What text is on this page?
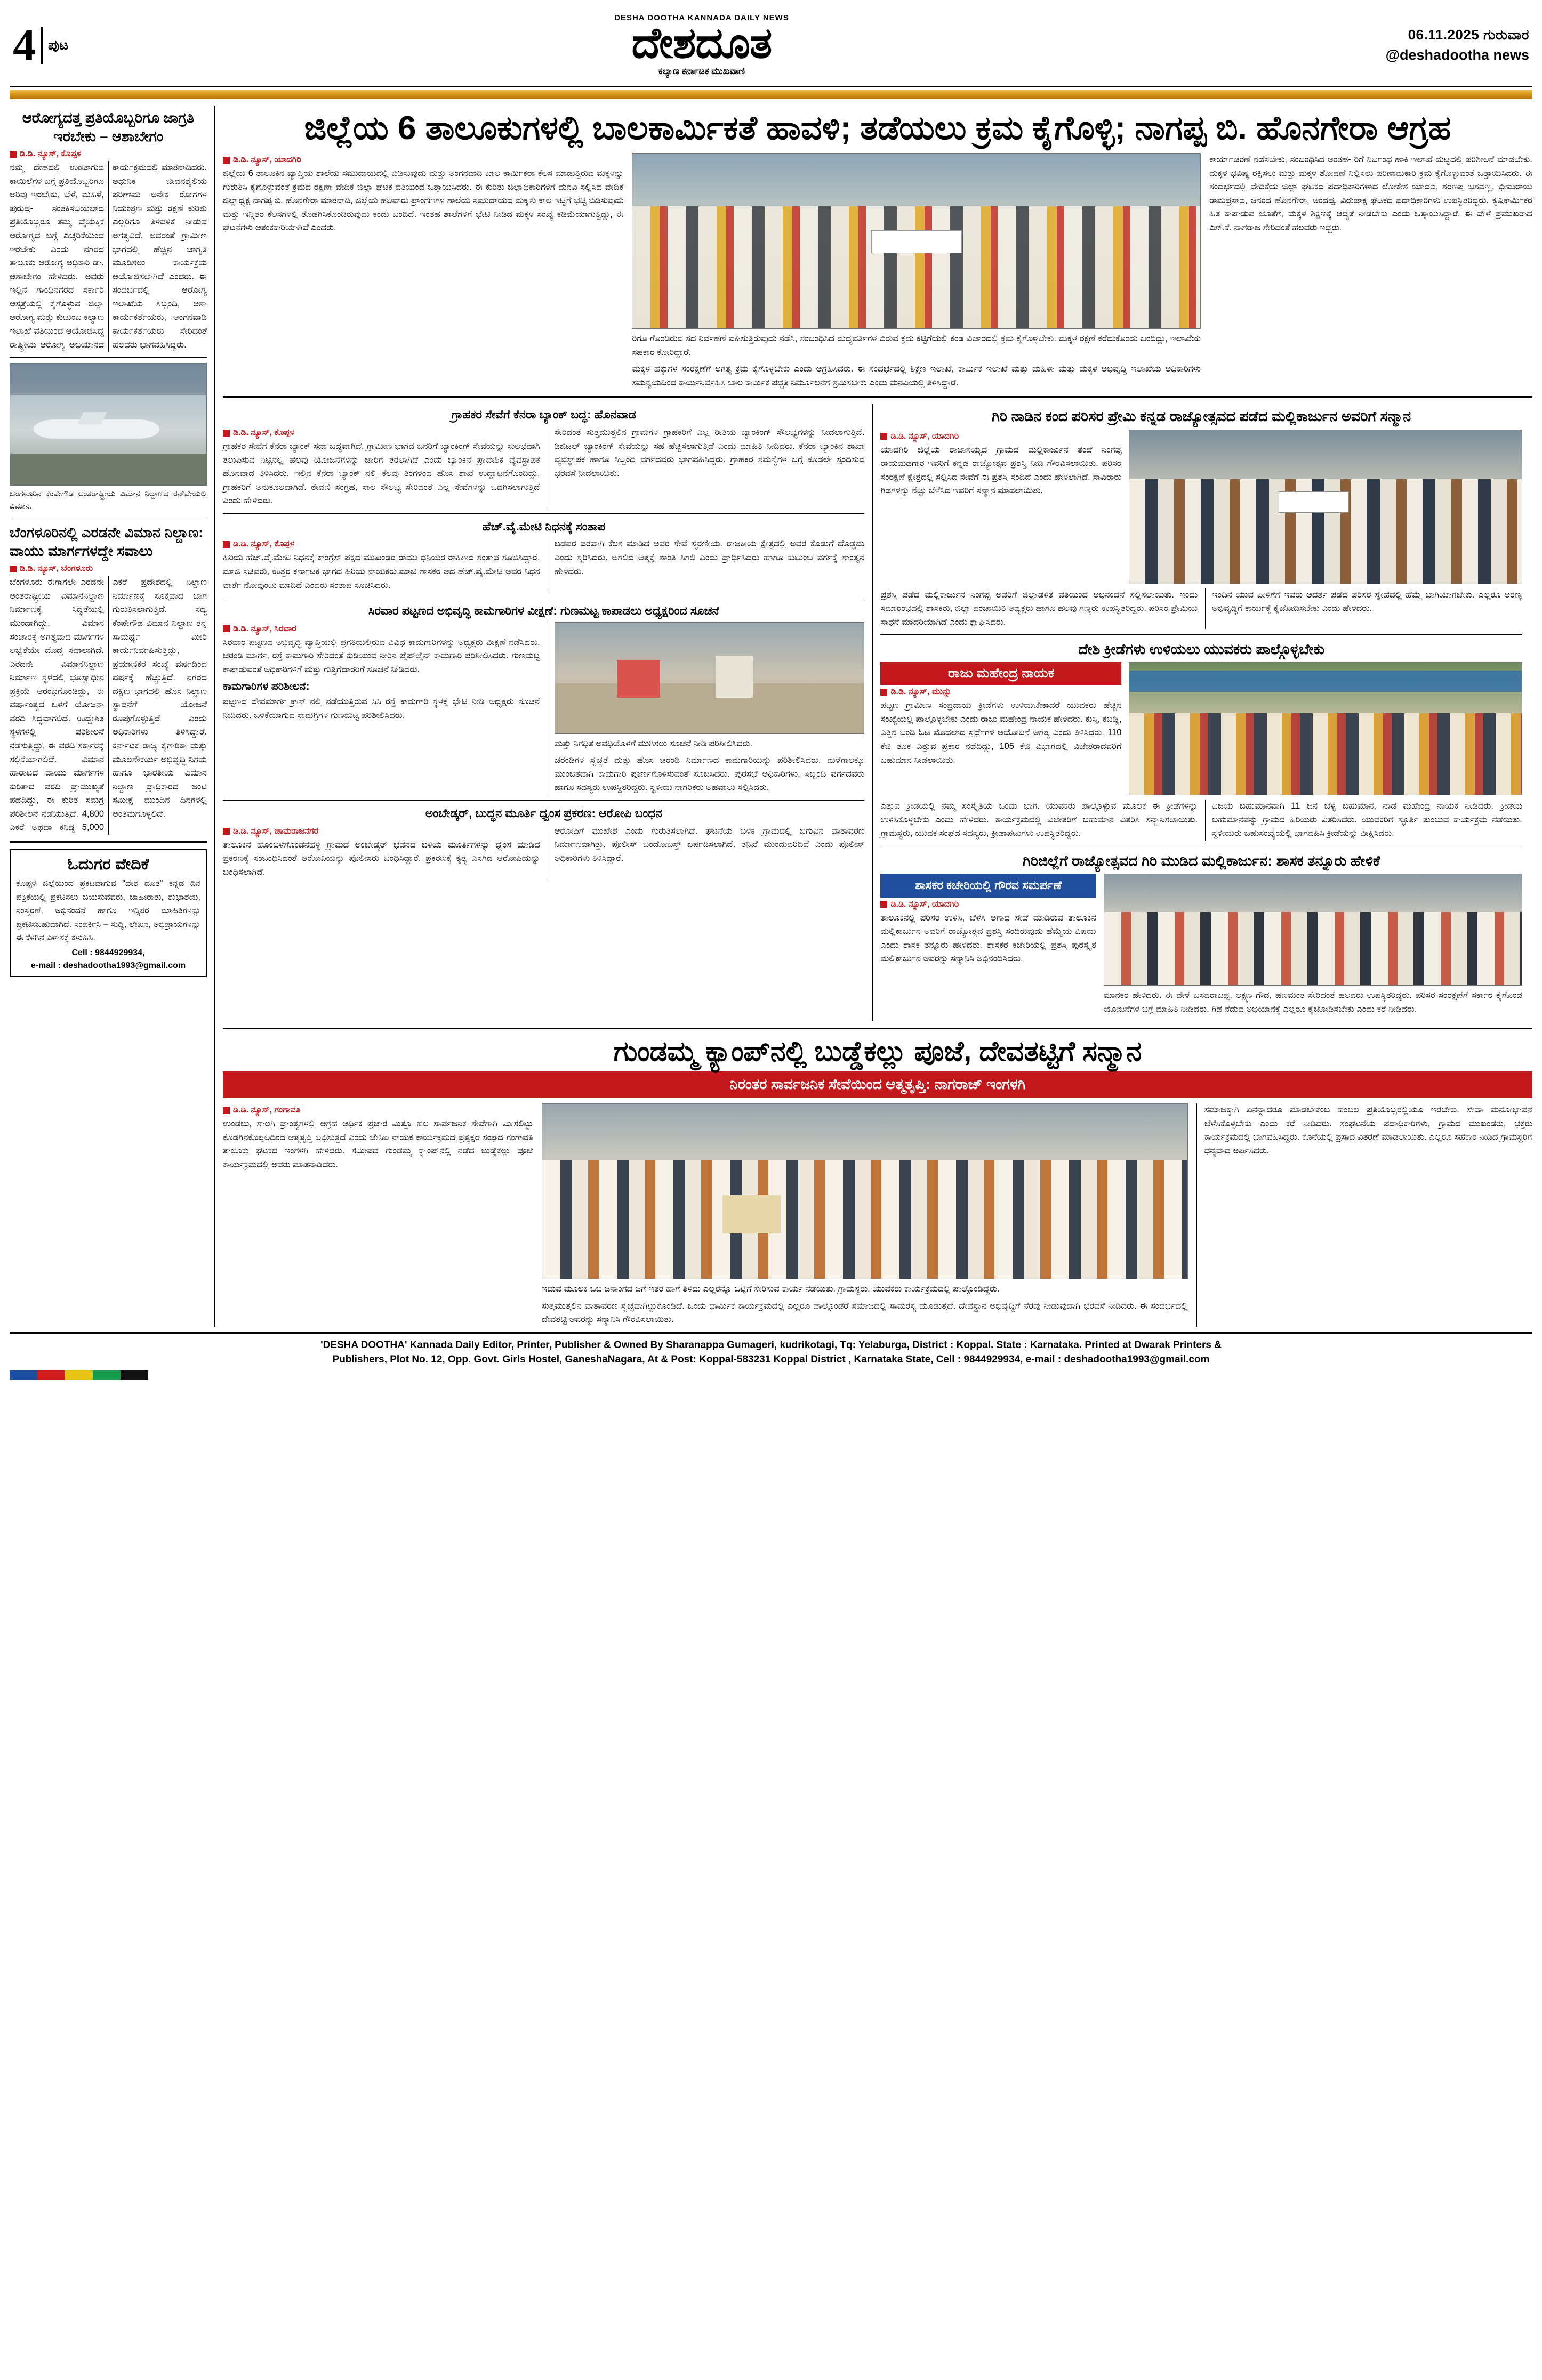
4 ಪುಟ
DESHA DOOTHA KANNADA DAILY NEWS
ದೇಶದೂತ
ಕಲ್ಯಾಣ ಕರ್ನಾಟಕ ಮುಖವಾಣಿ
06.11.2025 ಗುರುವಾರ
@deshadootha news
ಆರೋಗ್ಯದತ್ತ ಪ್ರತಿಯೊಬ್ಬರಿಗೂ ಜಾಗ್ರತಿ ಇರಬೇಕು – ಆಶಾಬೇಗಂ
ಡಿ.ಡಿ. ನ್ಯೂಸ್, ಕೊಪ್ಪಳ
ನಮ್ಮ ದೇಹದಲ್ಲಿ ಉಂಟಾಗುವ ಕಾಯಿಲೆಗಳ ಬಗ್ಗೆ ಪ್ರತಿಯೊಬ್ಬರಿಗೂ ಅರಿವು ಇರಬೇಕು, ಬೆಳೆ, ಮಹಿಳೆ, ಪುರುಷ- ಸಂತಕಿಸಬಯಲಾದ ಪ್ರತಿಯೊಬ್ಬರೂ ತಮ್ಮ ವೈಯಕ್ತಿಕ ಆರೋಗ್ಯದ ಬಗ್ಗೆ ಎಚ್ಚರಿಕೆಯಿಂದ ಇರಬೇಕು ಎಂದು ನಗರದ ತಾಲೂಕು ಆರೋಗ್ಯ ಅಧಿಕಾರಿ ಡಾ. ಆಶಾಬೇಗಂ ಹೇಳಿದರು. ಅವರು ಇಲ್ಲಿನ ಗಾಂಧಿನಗರದ ಸರ್ಕಾರಿ ಆಸ್ಪತ್ರೆಯಲ್ಲಿ ಕೈಗೊಳ್ಳುವ ಜಿಲ್ಲಾ ಆರೋಗ್ಯ ಮತ್ತು ಕುಟುಂಬ ಕಲ್ಯಾಣ ಇಲಾಖೆ ವತಿಯಿಂದ ಆಯೋಜಿಸಿದ್ದ ರಾಷ್ಟ್ರೀಯ ಆರೋಗ್ಯ ಅಭಿಯಾನದ ಕಾರ್ಯಕ್ರಮದಲ್ಲಿ ಮಾತನಾಡಿದರು. ಆಧುನಿಕ ಜೀವನಶೈಲಿಯ ಪರಿಣಾಮ ಅನೇಕ ರೋಗಗಳ ನಿಯಂತ್ರಣ ಮತ್ತು ರಕ್ಷಣೆ ಕುರಿತು ಎಲ್ಲರಿಗೂ ತಿಳಿವಳಿಕೆ ನೀಡುವ ಅಗತ್ಯವಿದೆ. ಅದರಂತೆ ಗ್ರಾಮೀಣ ಭಾಗದಲ್ಲಿ ಹೆಚ್ಚಿನ ಜಾಗೃತಿ ಮೂಡಿಸಲು ಕಾರ್ಯಕ್ರಮ ಆಯೋಜಿಸಲಾಗಿದೆ ಎಂದರು. ಈ ಸಂದರ್ಭದಲ್ಲಿ ಆರೋಗ್ಯ ಇಲಾಖೆಯ ಸಿಬ್ಬಂದಿ, ಆಶಾ ಕಾರ್ಯಕರ್ತೆಯರು, ಅಂಗನವಾಡಿ ಕಾರ್ಯಕರ್ತೆಯರು ಸೇರಿದಂತೆ ಹಲವರು ಭಾಗವಹಿಸಿದ್ದರು.
ಬೆಂಗಳೂರಿನ ಕೆಂಪೇಗೌಡ ಅಂತರಾಷ್ಟ್ರೀಯ ವಿಮಾನ ನಿಲ್ದಾಣದ ರನ್‌ವೇಯಲ್ಲಿ ವಿಮಾನ.
ಬೆಂಗಳೂರಿನಲ್ಲಿ ಎರಡನೇ ವಿಮಾನ ನಿಲ್ದಾಣ: ವಾಯು ಮಾರ್ಗಗಳದ್ದೇ ಸವಾಲು
ಡಿ.ಡಿ. ನ್ಯೂಸ್, ಬೆಂಗಳೂರು
ಬೆಂಗಳೂರು ಈಗಾಗಲೇ ಎರಡನೇ ಅಂತರಾಷ್ಟ್ರೀಯ ವಿಮಾನನಿಲ್ದಾಣ ನಿರ್ಮಾಣಕ್ಕೆ ಸಿದ್ಧತೆಯಲ್ಲಿ ಮುಂದಾಗಿದ್ದು, ವಿಮಾನ ಸಂಚಾರಕ್ಕೆ ಅಗತ್ಯವಾದ ಮಾರ್ಗಗಳ ಲಭ್ಯತೆಯೇ ದೊಡ್ಡ ಸವಾಲಾಗಿದೆ. ಎರಡನೇ ವಿಮಾನನಿಲ್ದಾಣ ನಿರ್ಮಾಣ ಸ್ಥಳದಲ್ಲಿ ಭೂಸ್ವಾಧೀನ ಪ್ರಕ್ರಿಯೆ ಆರಂಭಗೊಂಡಿದ್ದು, ಈ ವರ್ಷಾಂತ್ಯದ ಒಳಗೆ ಯೋಜನಾ ವರದಿ ಸಿದ್ಧವಾಗಲಿದೆ. ಉದ್ದೇಶಿತ ಸ್ಥಳಗಳಲ್ಲಿ ಪರಿಶೀಲನೆ ನಡೆಸುತ್ತಿದ್ದು, ಈ ವರದಿ ಸರ್ಕಾರಕ್ಕೆ ಸಲ್ಲಿಕೆಯಾಗಲಿದೆ. ವಿಮಾನ ಹಾರಾಟದ ವಾಯು ಮಾರ್ಗಗಳ ಕುರಿತಾದ ವರದಿ ಪ್ರಾಮುಖ್ಯತೆ ಪಡೆದಿದ್ದು, ಈ ಕುರಿತ ಸಮಗ್ರ ಪರಿಶೀಲನೆ ನಡೆಯುತ್ತಿದೆ. 4,800 ಎಕರೆ ಅಥವಾ ಕನಿಷ್ಠ 5,000 ಎಕರೆ ಪ್ರದೇಶದಲ್ಲಿ ನಿಲ್ದಾಣ ನಿರ್ಮಾಣಕ್ಕೆ ಸೂಕ್ತವಾದ ಜಾಗ ಗುರುತಿಸಲಾಗುತ್ತಿದೆ. ಸದ್ಯ ಕೆಂಪೇಗೌಡ ವಿಮಾನ ನಿಲ್ದಾಣ ತನ್ನ ಸಾಮರ್ಥ್ಯ ಮೀರಿ ಕಾರ್ಯನಿರ್ವಹಿಸುತ್ತಿದ್ದು, ಪ್ರಯಾಣಿಕರ ಸಂಖ್ಯೆ ವರ್ಷದಿಂದ ವರ್ಷಕ್ಕೆ ಹೆಚ್ಚುತ್ತಿದೆ. ನಗರದ ದಕ್ಷಿಣ ಭಾಗದಲ್ಲಿ ಹೊಸ ನಿಲ್ದಾಣ ಸ್ಥಾಪನೆಗೆ ಯೋಜನೆ ರೂಪುಗೊಳ್ಳುತ್ತಿದೆ ಎಂದು ಅಧಿಕಾರಿಗಳು ತಿಳಿಸಿದ್ದಾರೆ. ಕರ್ನಾಟಕ ರಾಜ್ಯ ಕೈಗಾರಿಕಾ ಮತ್ತು ಮೂಲಸೌಕರ್ಯ ಅಭಿವೃದ್ಧಿ ನಿಗಮ ಹಾಗೂ ಭಾರತೀಯ ವಿಮಾನ ನಿಲ್ದಾಣ ಪ್ರಾಧಿಕಾರದ ಜಂಟಿ ಸಮೀಕ್ಷೆ ಮುಂದಿನ ದಿನಗಳಲ್ಲಿ ಅಂತಿಮಗೊಳ್ಳಲಿದೆ.
ಓದುಗರ ವೇದಿಕೆ
ಕೊಪ್ಪಳ ಜಿಲ್ಲೆಯಿಂದ ಪ್ರಕಟವಾಗುವ "ದೇಶ ದೂತ" ಕನ್ನಡ ದಿನ ಪತ್ರಿಕೆಯಲ್ಲಿ ಪ್ರಕಟಿಸಲು ಬಯಸುವವರು, ಜಾಹೀರಾತು, ಶುಭಾಶಯ, ಸಂಸ್ಮರಣೆ, ಅಭಿನಂದನೆ ಹಾಗೂ ಇನ್ನಿತರ ಮಾಹಿತಿಗಳನ್ನು ಪ್ರಕಟಿಸಬಹುದಾಗಿದೆ. ಸಂಪರ್ಕಿಸಿ – ಸುದ್ದಿ, ಲೇಖನ, ಅಭಿಪ್ರಾಯಗಳನ್ನು ಈ ಕೆಳಗಿನ ವಿಳಾಸಕ್ಕೆ ಕಳುಹಿಸಿ.
Cell : 9844929934,
e-mail : deshadootha1993@gmail.com
ಜಿಲ್ಲೆಯ 6 ತಾಲೂಕುಗಳಲ್ಲಿ ಬಾಲಕಾರ್ಮಿಕತೆ ಹಾವಳಿ; ತಡೆಯಲು ಕ್ರಮ ಕೈಗೊಳ್ಳಿ; ನಾಗಪ್ಪ ಬಿ. ಹೊನಗೇರಾ ಆಗ್ರಹ
ಡಿ.ಡಿ. ನ್ಯೂಸ್, ಯಾದಗಿರಿ
ಜಿಲ್ಲೆಯ 6 ತಾಲೂಕಿನ ವ್ಯಾಪ್ತಿಯ ಶಾಲೆಯ ಸಮುದಾಯದಲ್ಲಿ ಬಿಡಿಸುವುದು ಮತ್ತು ಅಂಗನವಾಡಿ ಬಾಲ ಕಾರ್ಮಿಕರಾ ಕೆಲಸ ಮಾಡುತ್ತಿರುವ ಮಕ್ಕಳನ್ನು ಗುರುತಿಸಿ ಕೈಗೊಳ್ಳುವಂತೆ ಕ್ರಮದ ರಕ್ಷಣಾ ವೇದಿಕೆ ಜಿಲ್ಲಾ ಘಟಕ ವತಿಯಿಂದ ಒತ್ತಾಯಿಸಿದರು. ಈ ಕುರಿತು ಜಿಲ್ಲಾಧಿಕಾರಿಗಳಿಗೆ ಮನವಿ ಸಲ್ಲಿಸಿದ ವೇದಿಕೆ ಜಿಲ್ಲಾಧ್ಯಕ್ಷ ನಾಗಪ್ಪ ಬಿ. ಹೊನಗೇರಾ ಮಾತನಾಡಿ, ಜಿಲ್ಲೆಯ ಹಲವಾರು ಪ್ರಾಂಗಣಗಳ ಶಾಲೆಯ ಸಮುದಾಯದ ಮಕ್ಕಳು ಕಾಲ ಇಟ್ಟಿಗೆ ಭಟ್ಟಿ ಬಿಡಿಸುವುದು ಮತ್ತು ಇನ್ನಿತರ ಕೆಲಸಗಳಲ್ಲಿ ತೊಡಗಿಸಿಕೊಂಡಿರುವುದು ಕಂಡು ಬಂದಿದೆ. ಇಂತಹ ಶಾಲೆಗಳಿಗೆ ಭೇಟಿ ನೀಡಿದ ಮಕ್ಕಳ ಸಂಖ್ಯೆ ಕಡಿಮೆಯಾಗುತ್ತಿದ್ದು, ಈ ಘಟನೆಗಳು ಆತಂಕಕಾರಿಯಾಗಿವೆ ಎಂದರು.
ರಿಗೂ ಗೊಂಡಿರುವ ಸದ ನಿರ್ವಹಣೆ ವಹಿಸುತ್ತಿರುವುದು ನಡೆಸಿ, ಸಂಬಂಧಿಸಿದ ಮದ್ಯವರ್ತಿಗಳ ಬಿರುವ ಕ್ರಮ ಕಟ್ಟಿಗೆಯಲ್ಲಿ ಕಂಡ ವಿಚಾರದಲ್ಲಿ ಕ್ರಮ ಕೈಗೊಳ್ಳಬೇಕು. ಮಕ್ಕಳ ರಕ್ಷಣೆ ಕರೆದುಕೊಂಡು ಬಂದಿದ್ದು, ಇಲಾಖೆಯ ಸಹಕಾರ ಕೋರಿದ್ದಾರೆ.
ಮಕ್ಕಳ ಹಕ್ಕುಗಳ ಸಂರಕ್ಷಣೆಗೆ ಅಗತ್ಯ ಕ್ರಮ ಕೈಗೊಳ್ಳಬೇಕು ಎಂದು ಆಗ್ರಹಿಸಿದರು. ಈ ಸಂದರ್ಭದಲ್ಲಿ ಶಿಕ್ಷಣ ಇಲಾಖೆ, ಕಾರ್ಮಿಕ ಇಲಾಖೆ ಮತ್ತು ಮಹಿಳಾ ಮತ್ತು ಮಕ್ಕಳ ಅಭಿವೃದ್ಧಿ ಇಲಾಖೆಯ ಅಧಿಕಾರಿಗಳು ಸಮನ್ವಯದಿಂದ ಕಾರ್ಯನಿರ್ವಹಿಸಿ ಬಾಲ ಕಾರ್ಮಿಕ ಪದ್ಧತಿ ನಿರ್ಮೂಲನೆಗೆ ಶ್ರಮಿಸಬೇಕು ಎಂದು ಮನವಿಯಲ್ಲಿ ತಿಳಿಸಿದ್ದಾರೆ.
ಕಾರ್ಯಾಚರಣೆ ನಡೆಸಬೇಕು, ಸಂಬಂಧಿಸಿದ ಅಂತಹ- ರಿಗೆ ನಿರ್ಬಂಧ ಹಾಕಿ ಇಲಾಖೆ ಮಟ್ಟದಲ್ಲಿ ಪರಿಶೀಲನೆ ಮಾಡಬೇಕು. ಮಕ್ಕಳ ಭವಿಷ್ಯ ರಕ್ಷಿಸಲು ಮತ್ತು ಮಕ್ಕಳ ಶೋಷಣೆ ನಿಲ್ಲಿಸಲು ಪರಿಣಾಮಕಾರಿ ಕ್ರಮ ಕೈಗೊಳ್ಳುವಂತೆ ಒತ್ತಾಯಿಸಿದರು. ಈ ಸಂದರ್ಭದಲ್ಲಿ ವೇದಿಕೆಯ ಜಿಲ್ಲಾ ಘಟಕದ ಪದಾಧಿಕಾರಿಗಳಾದ ಲೋಕೇಶ ಯಾದವ, ಶರಣಪ್ಪ ಬಸವಣ್ಣ, ಭೀಮರಾಯ ರಾಮಪ್ರಸಾದ, ಆನಂದ ಹೊನಗೇರಾ, ಅಂದಪ್ಪ, ವಿರುಪಾಕ್ಷ ಘಟಕದ ಪದಾಧಿಕಾರಿಗಳು ಉಪಸ್ಥಿತರಿದ್ದರು. ಕೃಷಿಕಾರ್ಮಿಕರ ಹಿತ ಕಾಪಾಡುವ ಜೊತೆಗೆ, ಮಕ್ಕಳ ಶಿಕ್ಷಣಕ್ಕೆ ಆದ್ಯತೆ ನೀಡಬೇಕು ಎಂದು ಒತ್ತಾಯಿಸಿದ್ದಾರೆ. ಈ ವೇಳೆ ಪ್ರಮುಖರಾದ ಎಸ್.ಕೆ. ನಾಗರಾಜ ಸೇರಿದಂತೆ ಹಲವರು ಇದ್ದರು.
ಗ್ರಾಹಕರ ಸೇವೆಗೆ ಕೆನರಾ ಬ್ಯಾಂಕ್ ಬದ್ಧ: ಹೊನವಾಡ
ಡಿ.ಡಿ. ನ್ಯೂಸ್, ಕೊಪ್ಪಳ
ಗ್ರಾಹಕರ ಸೇವೆಗೆ ಕೆನರಾ ಬ್ಯಾಂಕ್ ಸದಾ ಬದ್ಧವಾಗಿದೆ. ಗ್ರಾಮೀಣ ಭಾಗದ ಜನರಿಗೆ ಬ್ಯಾಂಕಿಂಗ್ ಸೇವೆಯನ್ನು ಸುಲಭವಾಗಿ ತಲುಪಿಸುವ ನಿಟ್ಟಿನಲ್ಲಿ ಹಲವು ಯೋಜನೆಗಳನ್ನು ಜಾರಿಗೆ ತರಲಾಗಿದೆ ಎಂದು ಬ್ಯಾಂಕಿನ ಪ್ರಾದೇಶಿಕ ವ್ಯವಸ್ಥಾಪಕ ಹೊನವಾಡ ತಿಳಿಸಿದರು. ಇಲ್ಲಿನ ಕೆನರಾ ಬ್ಯಾಂಕ್ ನಲ್ಲಿ ಕೆಲವು ತಿಂಗಳಿಂದ ಹೊಸ ಶಾಖೆ ಉದ್ಘಾಟನೆಗೊಂಡಿದ್ದು, ಗ್ರಾಹಕರಿಗೆ ಅನುಕೂಲವಾಗಿದೆ. ಠೇವಣಿ ಸಂಗ್ರಹ, ಸಾಲ ಸೌಲಭ್ಯ ಸೇರಿದಂತೆ ಎಲ್ಲ ಸೇವೆಗಳನ್ನು ಒದಗಿಸಲಾಗುತ್ತಿದೆ ಎಂದು ಹೇಳಿದರು.
ಸೇರಿದಂತೆ ಸುತ್ತಮುತ್ತಲಿನ ಗ್ರಾಮಗಳ ಗ್ರಾಹಕರಿಗೆ ಎಲ್ಲ ರೀತಿಯ ಬ್ಯಾಂಕಿಂಗ್ ಸೌಲಭ್ಯಗಳನ್ನು ನೀಡಲಾಗುತ್ತಿದೆ. ಡಿಜಿಟಲ್ ಬ್ಯಾಂಕಿಂಗ್ ಸೇವೆಯನ್ನು ಸಹ ಹೆಚ್ಚಿಸಲಾಗುತ್ತಿದೆ ಎಂದು ಮಾಹಿತಿ ನೀಡಿದರು. ಕೆನರಾ ಬ್ಯಾಂಕಿನ ಶಾಖಾ ವ್ಯವಸ್ಥಾಪಕ ಹಾಗೂ ಸಿಬ್ಬಂದಿ ವರ್ಗದವರು ಭಾಗವಹಿಸಿದ್ದರು. ಗ್ರಾಹಕರ ಸಮಸ್ಯೆಗಳ ಬಗ್ಗೆ ಕೂಡಲೇ ಸ್ಪಂದಿಸುವ ಭರವಸೆ ನೀಡಲಾಯಿತು.
ಹೆಚ್.ವೈ.ಮೇಟಿ ನಿಧನಕ್ಕೆ ಸಂತಾಪ
ಡಿ.ಡಿ. ನ್ಯೂಸ್, ಕೊಪ್ಪಳ
ಹಿರಿಯ ಹೆಚ್.ವೈ.ಮೇಟಿ ನಿಧನಕ್ಕೆ ಕಾಂಗ್ರೆಸ್ ಪಕ್ಷದ ಮುಖಂಡರ ರಾಮು ಧನಿಯರ ರಾಹಿಣದ ಸಂತಾಪ ಸೂಚಿಸಿದ್ದಾರೆ. ಮಾಜಿ ಸಚಿವರು, ಉತ್ತರ ಕರ್ನಾಟಕ ಭಾಗದ ಹಿರಿಯ ನಾಯಕರು,ಮಾಜಿ ಶಾಸಕರ ಆದ ಹೆಚ್.ವೈ.ಮೇಟಿ ಅವರ ನಿಧನ ವಾರ್ತೆ ನೋವುಂಟು ಮಾಡಿದೆ ಎಂದರು ಸಂತಾಪ ಸೂಚಿಸಿದರು.
ಬಡವರ ಪರವಾಗಿ ಕೆಲಸ ಮಾಡಿದ ಅವರ ಸೇವೆ ಸ್ಮರಣೀಯ. ರಾಜಕೀಯ ಕ್ಷೇತ್ರದಲ್ಲಿ ಅವರ ಕೊಡುಗೆ ದೊಡ್ಡದು ಎಂದು ಸ್ಮರಿಸಿದರು. ಅಗಲಿದ ಆತ್ಮಕ್ಕೆ ಶಾಂತಿ ಸಿಗಲಿ ಎಂದು ಪ್ರಾರ್ಥಿಸಿದರು ಹಾಗೂ ಕುಟುಂಬ ವರ್ಗಕ್ಕೆ ಸಾಂತ್ವನ ಹೇಳಿದರು.
ಸಿರವಾರ ಪಟ್ಟಣದ ಅಭಿವೃದ್ಧಿ ಕಾಮಗಾರಿಗಳ ವೀಕ್ಷಣೆ: ಗುಣಮಟ್ಟ ಕಾಪಾಡಲು ಅಧ್ಯಕ್ಷರಿಂದ ಸೂಚನೆ
ಡಿ.ಡಿ. ನ್ಯೂಸ್, ಸಿರವಾರ
ಸಿರವಾರ ಪಟ್ಟಣದ ಅಭಿವೃದ್ಧಿ ವ್ಯಾಪ್ತಿಯಲ್ಲಿ ಪ್ರಗತಿಯಲ್ಲಿರುವ ವಿವಿಧ ಕಾಮಗಾರಿಗಳನ್ನು ಅಧ್ಯಕ್ಷರು ವೀಕ್ಷಣೆ ನಡೆಸಿದರು. ಚರಂಡಿ ಮಾರ್ಗ, ರಸ್ತೆ ಕಾಮಗಾರಿ ಸೇರಿದಂತೆ ಕುಡಿಯುವ ನೀರಿನ ಪೈಪ್‌ಲೈನ್ ಕಾಮಗಾರಿ ಪರಿಶೀಲಿಸಿದರು. ಗುಣಮಟ್ಟ ಕಾಪಾಡುವಂತೆ ಅಧಿಕಾರಿಗಳಿಗೆ ಮತ್ತು ಗುತ್ತಿಗೆದಾರರಿಗೆ ಸೂಚನೆ ನೀಡಿದರು.
ಕಾಮಗಾರಿಗಳ ಪರಿಶೀಲನೆ:
ಪಟ್ಟಣದ ದೇವಮಾರ್ಗ ಕ್ರಾಸ್ ನಲ್ಲಿ ನಡೆಯುತ್ತಿರುವ ಸಿಸಿ ರಸ್ತೆ ಕಾಮಗಾರಿ ಸ್ಥಳಕ್ಕೆ ಭೇಟಿ ನೀಡಿ ಅಧ್ಯಕ್ಷರು ಸೂಚನೆ ನೀಡಿದರು. ಬಳಕೆಯಾಗುವ ಸಾಮಗ್ರಿಗಳ ಗುಣಮಟ್ಟ ಪರಿಶೀಲಿಸಿದರು.
ಮತ್ತು ನಿಗಧಿತ ಅವಧಿಯೊಳಗೆ ಮುಗಿಸಲು ಸೂಚನೆ ನೀಡಿ ಪರಿಶೀಲಿಸಿದರು.
ಚರಂಡಿಗಳ ಸ್ವಚ್ಛತೆ ಮತ್ತು ಹೊಸ ಚರಂಡಿ ನಿರ್ಮಾಣದ ಕಾಮಗಾರಿಯನ್ನು ಪರಿಶೀಲಿಸಿದರು. ಮಳೆಗಾಲಕ್ಕೂ ಮುಂಚಿತವಾಗಿ ಕಾಮಗಾರಿ ಪೂರ್ಣಗೊಳಿಸುವಂತೆ ಸೂಚಿಸಿದರು. ಪುರಸಭೆ ಅಧಿಕಾರಿಗಳು, ಸಿಬ್ಬಂದಿ ವರ್ಗದವರು ಹಾಗೂ ಸದಸ್ಯರು ಉಪಸ್ಥಿತರಿದ್ದರು. ಸ್ಥಳೀಯ ನಾಗರಿಕರು ಅಹವಾಲು ಸಲ್ಲಿಸಿದರು.
ಅಂಬೇಡ್ಕರ್, ಬುದ್ಧನ ಮೂರ್ತಿ ಧ್ವಂಸ ಪ್ರಕರಣ: ಆರೋಪಿ ಬಂಧನ
ಡಿ.ಡಿ. ನ್ಯೂಸ್, ಚಾಮರಾಜನಗರ
ತಾಲೂಕಿನ ಹೊಂಬಳೆಗೊಂಡನಹಳ್ಳಿ ಗ್ರಾಮದ ಅಂಬೇಡ್ಕರ್ ಭವನದ ಬಳಿಯ ಮೂರ್ತಿಗಳನ್ನು ಧ್ವಂಸ ಮಾಡಿದ ಪ್ರಕರಣಕ್ಕೆ ಸಂಬಂಧಿಸಿದಂತೆ ಆರೋಪಿಯನ್ನು ಪೊಲೀಸರು ಬಂಧಿಸಿದ್ದಾರೆ. ಪ್ರಕರಣಕ್ಕೆ ಕೃತ್ಯ ಎಸಗಿದ ಆರೋಪಿಯನ್ನು ಬಂಧಿಸಲಾಗಿದೆ.
ಆರೋಪಿಗೆ ಮುಖೇಶ ಎಂದು ಗುರುತಿಸಲಾಗಿದೆ. ಘಟನೆಯ ಬಳಿಕ ಗ್ರಾಮದಲ್ಲಿ ಬಿಗುವಿನ ವಾತಾವರಣ ನಿರ್ಮಾಣವಾಗಿತ್ತು. ಪೊಲೀಸ್ ಬಂದೋಬಸ್ತ್ ಏರ್ಪಡಿಸಲಾಗಿದೆ. ತನಿಖೆ ಮುಂದುವರಿದಿದೆ ಎಂದು ಪೊಲೀಸ್ ಅಧಿಕಾರಿಗಳು ತಿಳಿಸಿದ್ದಾರೆ.
ಗಿರಿ ನಾಡಿನ ಕಂದ ಪರಿಸರ ಪ್ರೇಮಿ ಕನ್ನಡ ರಾಜ್ಯೋತ್ಸವದ ಪಡೆದ ಮಲ್ಲಿಕಾರ್ಜುನ ಅವರಿಗೆ ಸನ್ಮಾನ
ಡಿ.ಡಿ. ನ್ಯೂಸ್, ಯಾದಗಿರಿ
ಯಾದಗಿರಿ ಜಿಲ್ಲೆಯ ರಾಜಾಸಯ್ಯದ ಗ್ರಾಮದ ಮಲ್ಲಿಕಾರ್ಜುನ ತಂದೆ ನಿಂಗಪ್ಪ ರಾಯಮಡಗಾರ ಇವರಿಗೆ ಕನ್ನಡ ರಾಜ್ಯೋತ್ಸವ ಪ್ರಶಸ್ತಿ ನೀಡಿ ಗೌರವಿಸಲಾಯಿತು. ಪರಿಸರ ಸಂರಕ್ಷಣೆ ಕ್ಷೇತ್ರದಲ್ಲಿ ಸಲ್ಲಿಸಿದ ಸೇವೆಗೆ ಈ ಪ್ರಶಸ್ತಿ ಸಂದಿದೆ ಎಂದು ಹೇಳಲಾಗಿದೆ. ಸಾವಿರಾರು ಗಿಡಗಳನ್ನು ನೆಟ್ಟು ಬೆಳೆಸಿದ ಇವರಿಗೆ ಸನ್ಮಾನ ಮಾಡಲಾಯಿತು.
ಪ್ರಶಸ್ತಿ ಪಡೆದ ಮಲ್ಲಿಕಾರ್ಜುನ ನಿಂಗಪ್ಪ ಅವರಿಗೆ ಜಿಲ್ಲಾಡಳಿತ ವತಿಯಿಂದ ಅಭಿನಂದನೆ ಸಲ್ಲಿಸಲಾಯಿತು. ಇಂದು ಸಮಾರಂಭದಲ್ಲಿ ಶಾಸಕರು, ಜಿಲ್ಲಾ ಪಂಚಾಯಿತಿ ಅಧ್ಯಕ್ಷರು ಹಾಗೂ ಹಲವು ಗಣ್ಯರು ಉಪಸ್ಥಿತರಿದ್ದರು. ಪರಿಸರ ಪ್ರೇಮಿಯ ಸಾಧನೆ ಮಾದರಿಯಾಗಿದೆ ಎಂದು ಶ್ಲಾಘಿಸಿದರು.
ಇಂದಿನ ಯುವ ಪೀಳಿಗೆಗೆ ಇವರು ಆದರ್ಶ ಪಡೆದ ಪರಿಸರ ಸ್ನೇಹದಲ್ಲಿ ಹೆಮ್ಮೆ ಭಾಗಿಯಾಗಬೇಕು. ಎಲ್ಲರೂ ಅರಣ್ಯ ಅಭಿವೃದ್ಧಿಗೆ ಕಾರ್ಯಕ್ಕೆ ಕೈಜೋಡಿಸಬೇಕು ಎಂದು ಹೇಳಿದರು.
ದೇಶಿ ಕ್ರೀಡೆಗಳು ಉಳಿಯಲು ಯುವಕರು ಪಾಲ್ಗೊಳ್ಳಬೇಕು
ರಾಜು ಮಹೇಂದ್ರ ನಾಯಕ
ಡಿ.ಡಿ. ನ್ಯೂಸ್, ಮುನ್ನು
ಪಟ್ಟಣ ಗ್ರಾಮೀಣ ಸಂಪ್ರದಾಯ ಕ್ರೀಡೆಗಳು ಉಳಿಯಬೇಕಾದರೆ ಯುವಕರು ಹೆಚ್ಚಿನ ಸಂಖ್ಯೆಯಲ್ಲಿ ಪಾಲ್ಗೊಳ್ಳಬೇಕು ಎಂದು ರಾಜು ಮಹೇಂದ್ರ ನಾಯಕ ಹೇಳಿದರು. ಕುಸ್ತಿ, ಕಬಡ್ಡಿ, ಎತ್ತಿನ ಬಂಡಿ ಓಟ ಮೊದಲಾದ ಸ್ಪರ್ಧೆಗಳ ಆಯೋಜನೆ ಅಗತ್ಯ ಎಂದು ತಿಳಿಸಿದರು. 110 ಕೆಜಿ ತೂಕ ಎತ್ತುವ ಪ್ರಕಾರ ನಡೆದಿದ್ದು, 105 ಕೆಜಿ ವಿಭಾಗದಲ್ಲಿ ವಿಜೇತರಾದವರಿಗೆ ಬಹುಮಾನ ನೀಡಲಾಯಿತು.
ಎತ್ತುವ ಕ್ರೀಡೆಯಲ್ಲಿ ನಮ್ಮ ಸಂಸ್ಕೃತಿಯ ಒಂದು ಭಾಗ. ಯುವಕರು ಪಾಲ್ಗೊಳ್ಳುವ ಮೂಲಕ ಈ ಕ್ರೀಡೆಗಳನ್ನು ಉಳಿಸಿಕೊಳ್ಳಬೇಕು ಎಂದು ಹೇಳಿದರು. ಕಾರ್ಯಕ್ರಮದಲ್ಲಿ ವಿಜೇತರಿಗೆ ಬಹುಮಾನ ವಿತರಿಸಿ ಸನ್ಮಾನಿಸಲಾಯಿತು. ಗ್ರಾಮಸ್ಥರು, ಯುವಕ ಸಂಘದ ಸದಸ್ಯರು, ಕ್ರೀಡಾಪಟುಗಳು ಉಪಸ್ಥಿತರಿದ್ದರು.
ವಿಜಯ ಬಹುಮಾನವಾಗಿ 11 ಜನ ಬೆಳ್ಳಿ ಬಹುಮಾನ, ನಾಡ ಮಹೇಂದ್ರ ನಾಯಕ ನೀಡಿದರು. ಕ್ರೀಡೆಯ ಬಹುಮಾನವನ್ನು ಗ್ರಾಮದ ಹಿರಿಯರು ವಿತರಿಸಿದರು. ಯುವಕರಿಗೆ ಸ್ಫೂರ್ತಿ ತುಂಬುವ ಕಾರ್ಯಕ್ರಮ ನಡೆಯಿತು. ಸ್ಥಳೀಯರು ಬಹುಸಂಖ್ಯೆಯಲ್ಲಿ ಭಾಗವಹಿಸಿ ಕ್ರೀಡೆಯನ್ನು ವೀಕ್ಷಿಸಿದರು.
ಗಿರಿಜಿಲ್ಲೆಗೆ ರಾಜ್ಯೋತ್ಸವದ ಗಿರಿ ಮುಡಿದ ಮಲ್ಲಿಕಾರ್ಜುನ: ಶಾಸಕ ತನ್ನೂರು ಹೇಳಿಕೆ
ಶಾಸಕರ ಕಚೇರಿಯಲ್ಲಿ ಗೌರವ ಸಮರ್ಪಣೆ
ಡಿ.ಡಿ. ನ್ಯೂಸ್, ಯಾದಗಿರಿ
ತಾಲೂಕಿನಲ್ಲಿ ಪರಿಸರ ಉಳಿಸಿ, ಬೆಳೆಸಿ ಅಗಾಧ ಸೇವೆ ಮಾಡಿರುವ ತಾಲೂಕಿನ ಮಲ್ಲಿಕಾರ್ಜುನ ಅವರಿಗೆ ರಾಜ್ಯೋತ್ಸವ ಪ್ರಶಸ್ತಿ ಸಂದಿರುವುದು ಹೆಮ್ಮೆಯ ವಿಷಯ ಎಂದು ಶಾಸಕ ತನ್ನೂರು ಹೇಳಿದರು. ಶಾಸಕರ ಕಚೇರಿಯಲ್ಲಿ ಪ್ರಶಸ್ತಿ ಪುರಸ್ಕೃತ ಮಲ್ಲಿಕಾರ್ಜುನ ಅವರನ್ನು ಸನ್ಮಾನಿಸಿ ಅಭಿನಂದಿಸಿದರು.
ಮಾನಕರ ಹೇಳಿದರು. ಈ ವೇಳೆ ಬಸವರಾಜಪ್ಪ, ಲಕ್ಷ್ಮಣ ಗೌಡ, ಹಣಮಂತ ಸೇರಿದಂತೆ ಹಲವರು ಉಪಸ್ಥಿತರಿದ್ದರು. ಪರಿಸರ ಸಂರಕ್ಷಣೆಗೆ ಸರ್ಕಾರ ಕೈಗೊಂಡ ಯೋಜನೆಗಳ ಬಗ್ಗೆ ಮಾಹಿತಿ ನೀಡಿದರು. ಗಿಡ ನೆಡುವ ಅಭಿಯಾನಕ್ಕೆ ಎಲ್ಲರೂ ಕೈಜೋಡಿಸಬೇಕು ಎಂದು ಕರೆ ನೀಡಿದರು.
ಗುಂಡಮ್ಮ ಕ್ಯಾಂಪ್‌ನಲ್ಲಿ ಬುಡ್ಡೆಕಲ್ಲು ಪೂಜೆ, ದೇವತಟ್ಟಿಗೆ ಸನ್ಮಾನ
ನಿರಂತರ ಸಾರ್ವಜನಿಕ ಸೇವೆಯಿಂದ ಆತ್ಮತೃಪ್ತಿ: ನಾಗರಾಜ್ ಇಂಗಳಗಿ
ಡಿ.ಡಿ. ನ್ಯೂಸ್, ಗಂಗಾವತಿ
ಉಂಡಬು, ಸಾಲಗಿ ಪ್ರಾಂತ್ಯಗಳಲ್ಲಿ ಆಗ್ರಹ ಆರ್ಥಿಕ ಪ್ರಚಾರ ಮಿತ್ತೂ ಹಲ ಸಾರ್ವಜನಿಕ ಸೇವೆಗಾಗಿ ಮೀಸಲಿಟ್ಟು ಕೊಡಗಿನಕೊಪ್ಪಲದಿಂದ ಆತ್ಮತೃಪ್ತಿ ಲಭಿಸುತ್ತದೆ ಎಂದು ಜೇಸಿಐ ನಾಯಕ ಕಾರ್ಯಕ್ರಮದ ಪ್ರತ್ಯಕ್ಷರ ಸಂಘದ ಗಂಗಾವತಿ ತಾಲೂಕು ಘಟಕದ ಇಂಗಳಗಿ ಹೇಳಿದರು. ಸಮೀಪದ ಗುಂಡಮ್ಮ ಕ್ಯಾಂಪ್‌ನಲ್ಲಿ ನಡೆದ ಬುಡ್ಡೆಕಲ್ಲು ಪೂಜೆ ಕಾರ್ಯಕ್ರಮದಲ್ಲಿ ಅವರು ಮಾತನಾಡಿದರು.
ಇದುವ ಮೂಲಕ ಒಬ ಜನಾಂಗದ ಜಗೆ ಇತರ ಹಾಗೆ ತಿಳಿದು ಎಲ್ಲರನ್ನೂ ಒಟ್ಟಿಗೆ ಸೇರಿಸುವ ಕಾರ್ಯ ನಡೆಯಿತು. ಗ್ರಾಮಸ್ಥರು, ಯುವಕರು ಕಾರ್ಯಕ್ರಮದಲ್ಲಿ ಪಾಲ್ಗೊಂಡಿದ್ದರು.
ಸುತ್ತಮುತ್ತಲಿನ ವಾತಾವರಣ ಸ್ವಚ್ಛವಾಗಿಟ್ಟುಕೊಂಡಿದೆ. ಒಂದು ಧಾರ್ಮಿಕ ಕಾರ್ಯಕ್ರಮದಲ್ಲಿ ಎಲ್ಲರೂ ಪಾಲ್ಗೊಂಡರೆ ಸಮಾಜದಲ್ಲಿ ಸಾಮರಸ್ಯ ಮೂಡುತ್ತದೆ. ದೇವಸ್ಥಾನ ಅಭಿವೃದ್ಧಿಗೆ ನೆರವು ನೀಡುವುದಾಗಿ ಭರವಸೆ ನೀಡಿದರು. ಈ ಸಂದರ್ಭದಲ್ಲಿ ದೇವತಟ್ಟಿ ಅವರನ್ನು ಸನ್ಮಾನಿಸಿ ಗೌರವಿಸಲಾಯಿತು.
ಸಮಾಜಕ್ಕಾಗಿ ಏನನ್ನಾದರೂ ಮಾಡಬೇಕೆಂಬ ಹಂಬಲ ಪ್ರತಿಯೊಬ್ಬರಲ್ಲಿಯೂ ಇರಬೇಕು. ಸೇವಾ ಮನೋಭಾವನೆ ಬೆಳೆಸಿಕೊಳ್ಳಬೇಕು ಎಂದು ಕರೆ ನೀಡಿದರು. ಸಂಘಟನೆಯ ಪದಾಧಿಕಾರಿಗಳು, ಗ್ರಾಮದ ಮುಖಂಡರು, ಭಕ್ತರು ಕಾರ್ಯಕ್ರಮದಲ್ಲಿ ಭಾಗವಹಿಸಿದ್ದರು. ಕೊನೆಯಲ್ಲಿ ಪ್ರಸಾದ ವಿತರಣೆ ಮಾಡಲಾಯಿತು. ಎಲ್ಲರೂ ಸಹಕಾರ ನೀಡಿದ ಗ್ರಾಮಸ್ಥರಿಗೆ ಧನ್ಯವಾದ ಅರ್ಪಿಸಿದರು.
'DESHA DOOTHA' Kannada Daily Editor, Printer, Publisher & Owned By Sharanappa Gumageri, kudrikotagi, Tq: Yelaburga, District : Koppal. State : Karnataka. Printed at Dwarak Printers &
Publishers, Plot No. 12, Opp. Govt. Girls Hostel, GaneshaNagara, At & Post: Koppal-583231 Koppal District , Karnataka State, Cell : 9844929934, e-mail : deshadootha1993@gmail.com
